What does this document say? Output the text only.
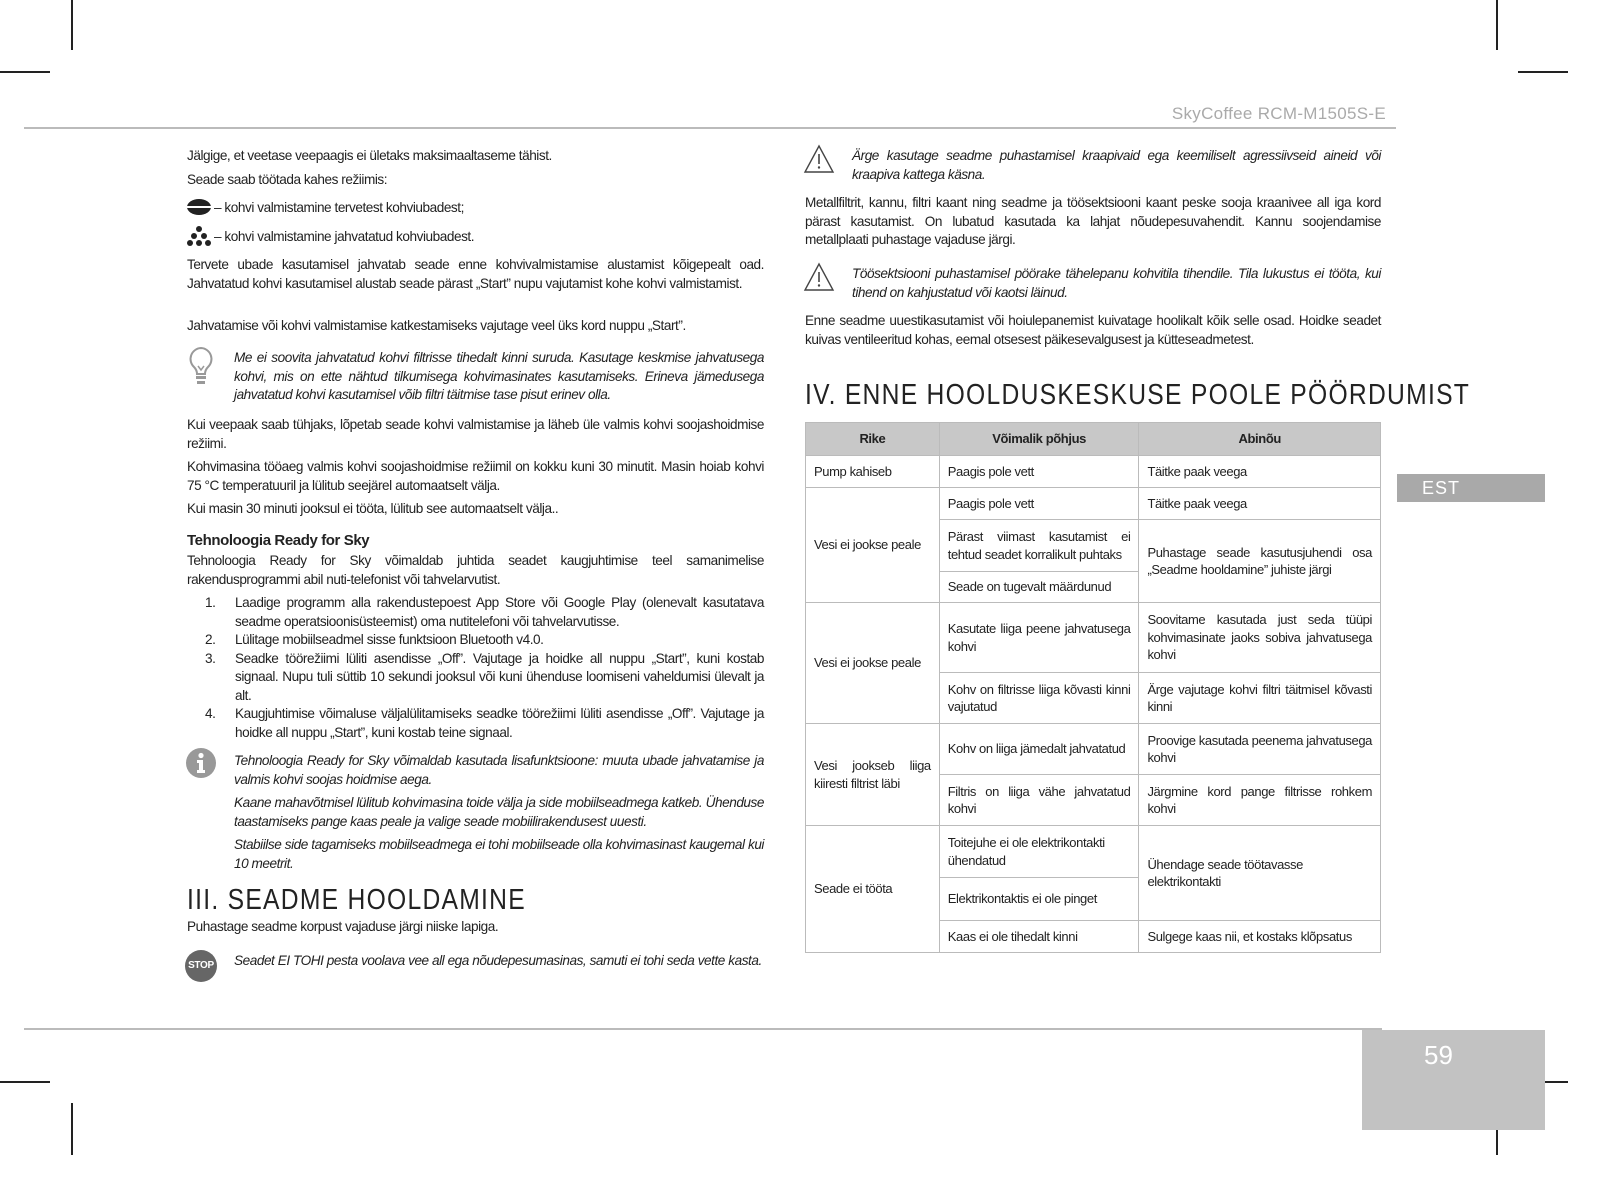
SkyCoffee RCM-M1505S-E
EST
59

Jälgige, et veetase veepaagis ei ületaks maksimaaltaseme tähist.

Seade saab töötada kahes režiimis:

– kohvi valmistamine tervetest kohviubadest;

– kohvi valmistamine jahvatatud kohviubadest.

Tervete ubade kasutamisel jahvatab seade enne kohvivalmistamise alustamist kõigepealt oad. Jahvatatud kohvi kasutamisel alustab seade pärast „Start” nupu vajutamist kohe kohvi valmistamist.

Jahvatamise või kohvi valmistamise katkestamiseks vajutage veel üks kord nuppu „Start”.

Me ei soovita jahvatatud kohvi filtrisse tihedalt kinni suruda. Kasutage keskmise jahvatusega kohvi, mis on ette nähtud tilkumisega kohvimasinates kasutamiseks. Erineva jämedusega jahvatatud kohvi kasutamisel võib filtri täitmise tase pisut erinev olla.

Kui veepaak saab tühjaks, lõpetab seade kohvi valmistamise ja läheb üle valmis kohvi soojashoidmise režiimi.

Kohvimasina tööaeg valmis kohvi soojashoidmise režiimil on kokku kuni 30 minutit. Masin hoiab kohvi 75 °C temperatuuril ja lülitub seejärel automaatselt välja.

Kui masin 30 minuti jooksul ei tööta, lülitub see automaatselt välja..

Tehnoloogia Ready for Sky

Tehnoloogia Ready for Sky võimaldab juhtida seadet kaugjuhtimise teel samanimelise rakendusprogrammi abil nuti-telefonist või tahvelarvutist.

1. Laadige programm alla rakendustepoest App Store või Google Play (olenevalt kasutatava seadme operatsioonisüsteemist) oma nutitelefoni või tahvelarvutisse.
2. Lülitage mobiilseadmel sisse funktsioon Bluetooth v4.0.
3. Seadke töörežiimi lüliti asendisse „Off”. Vajutage ja hoidke all nuppu „Start”, kuni kostab signaal. Nupu tuli süttib 10 sekundi jooksul või kuni ühenduse loomiseni vaheldumisi ülevalt ja alt.
4. Kaugjuhtimise võimaluse väljalülitamiseks seadke töörežiimi lüliti asendisse „Off”. Vajutage ja hoidke all nuppu „Start”, kuni kostab teine signaal.

Tehnoloogia Ready for Sky võimaldab kasutada lisafunktsioone: muuta ubade jahvatamise ja valmis kohvi soojas hoidmise aega.

Kaane mahavõtmisel lülitub kohvimasina toide välja ja side mobiilseadmega katkeb. Ühenduse taastamiseks pange kaas peale ja valige seade mobiilirakendusest uuesti.

Stabiilse side tagamiseks mobiilseadmega ei tohi mobiilseade olla kohvimasinast kaugemal kui 10 meetrit.

III. SEADME HOOLDAMINE

Puhastage seadme korpust vajaduse järgi niiske lapiga.

STOP Seadet EI TOHI pesta voolava vee all ega nõudepesumasinas, samuti ei tohi seda vette kasta.

Ärge kasutage seadme puhastamisel kraapivaid ega keemiliselt agressiivseid aineid või kraapiva kattega käsna.

Metallfiltrit, kannu, filtri kaant ning seadme ja töösektsiooni kaant peske sooja kraanivee all iga kord pärast kasutamist. On lubatud kasutada ka lahjat nõudepesuvahendit. Kannu soojendamise metallplaati puhastage vajaduse järgi.

Töösektsiooni puhastamisel pöörake tähelepanu kohvitila tihendile. Tila lukustus ei tööta, kui tihend on kahjustatud või kaotsi läinud.

Enne seadme uuestikasutamist või hoiulepanemist kuivatage hoolikalt kõik selle osad. Hoidke seadet kuivas ventileeritud kohas, eemal otsesest päikesevalgusest ja kütteseadmetest.

IV. ENNE HOOLDUSKESKUSE POOLE PÖÖRDUMIST
Rike	Võimalik põhjus	Abinõu
Pump kahiseb	Paagis pole vett	Täitke paak veega
Vesi ei jookse peale	Paagis pole vett	Täitke paak veega
	Pärast viimast kasutamist ei tehtud seadet korralikult puhtaks	Puhastage seade kasutusjuhendi osa „Seadme hooldamine” juhiste järgi
	Seade on tugevalt määrdunud	
Vesi ei jookse peale	Kasutate liiga peene jahvatusega kohvi	Soovitame kasutada just seda tüüpi kohvimasinate jaoks sobiva jahvatusega kohvi
	Kohv on filtrisse liiga kõvasti kinni vajutatud	Ärge vajutage kohvi filtri täitmisel kõvasti kinni
Vesi jookseb liiga kiiresti filtrist läbi	Kohv on liiga jämedalt jahvatatud	Proovige kasutada peenema jahvatusega kohvi
	Filtris on liiga vähe jahvatatud kohvi	Järgmine kord pange filtrisse rohkem kohvi
Seade ei tööta	Toitejuhe ei ole elektrikontakti ühendatud	Ühendage seade töötavasse elektrikontakti
	Elektrikontaktis ei ole pinget	
	Kaas ei ole tihedalt kinni	Sulgege kaas nii, et kostaks klõpsatus
